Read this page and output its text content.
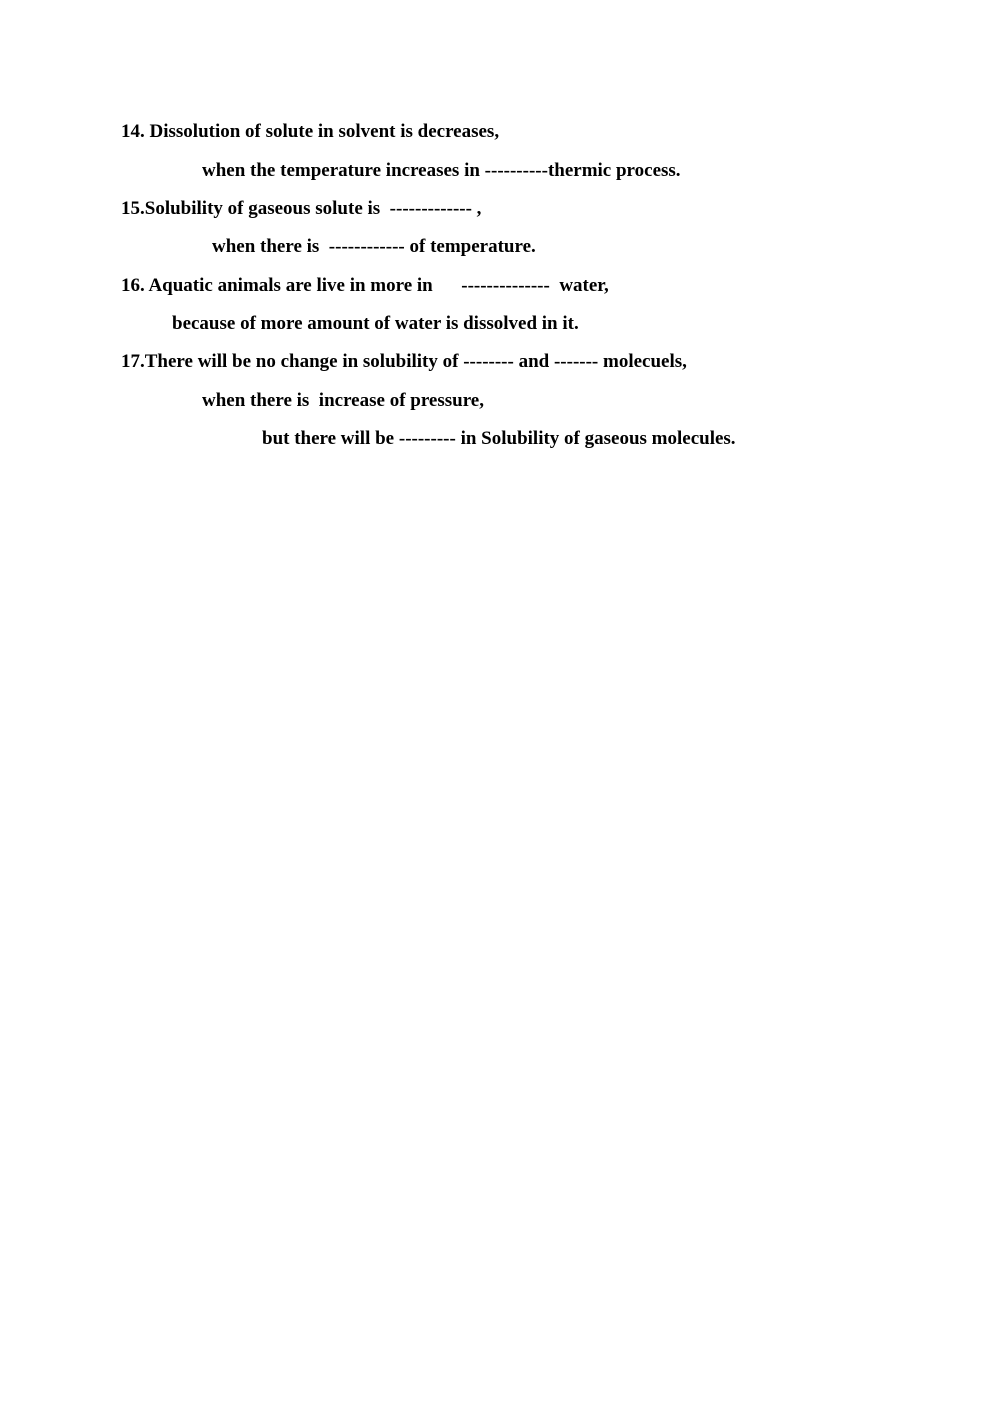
14. Dissolution of solute in solvent is decreases,
when the temperature increases in ----------thermic process.
15.Solubility of gaseous solute is  ------------- ,
when there is  ------------ of temperature.
16. Aquatic animals are live in more in      --------------  water,
because of more amount of water is dissolved in it.
17.There will be no change in solubility of -------- and ------- molecuels,
when there is  increase of pressure,
but there will be --------- in Solubility of gaseous molecules.
